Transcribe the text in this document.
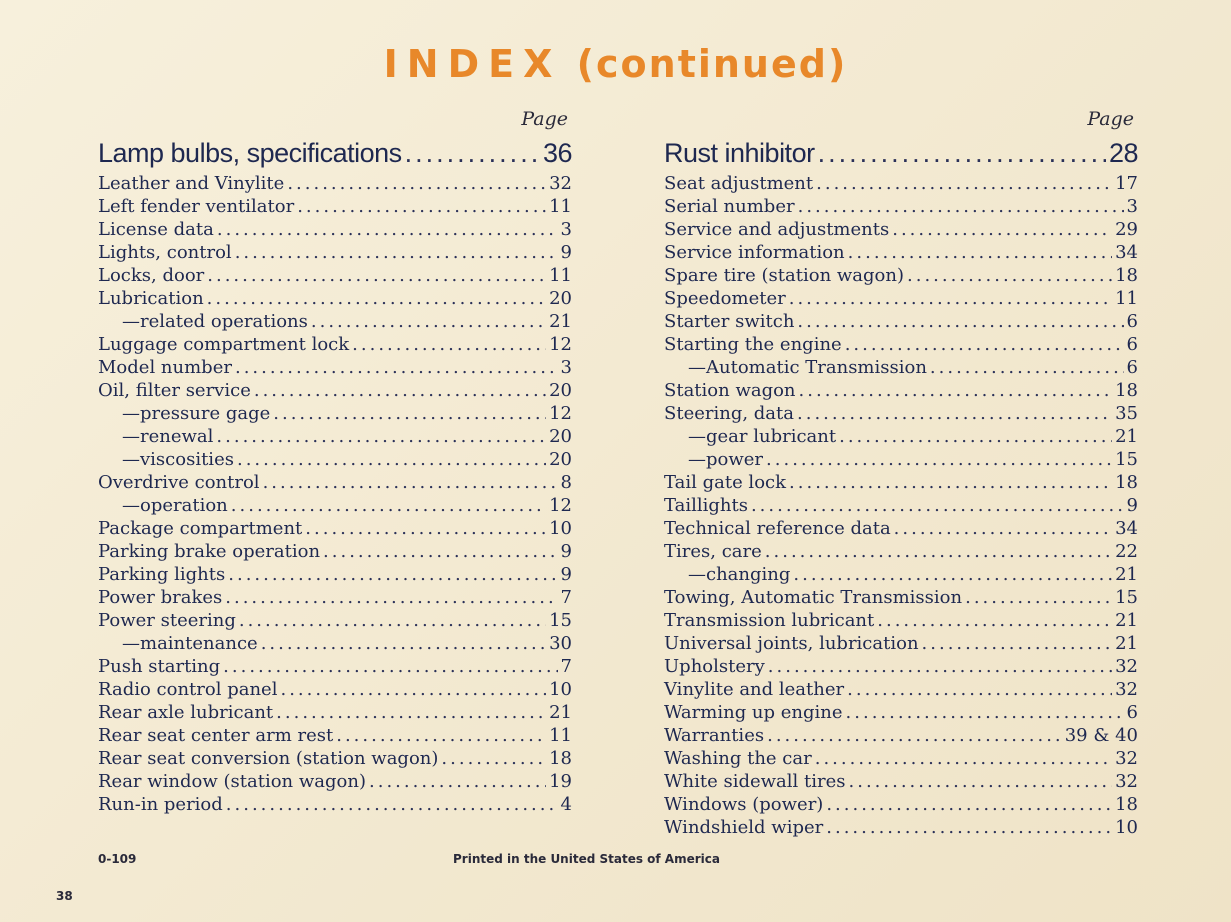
INDEX (continued)
Page
Lamp bulbs, specifications .....	36
Leather and Vinylite .....	32
Left fender ventilator .....	11
License data .....	3
Lights, control .....	9
Locks, door .....	11
Lubrication .....	20
—related operations .....	21
Luggage compartment lock .....	12
Model number .....	3
Oil, filter service .....	20
—pressure gage .....	12
—renewal .....	20
—viscosities .....	20
Overdrive control .....	8
—operation .....	12
Package compartment .....	10
Parking brake operation .....	9
Parking lights .....	9
Power brakes .....	7
Power steering .....	15
—maintenance .....	30
Push starting .....	7
Radio control panel .....	10
Rear axle lubricant .....	21
Rear seat center arm rest .....	11
Rear seat conversion (station wagon) .....	18
Rear window (station wagon) .....	19
Run-in period .....	4
Page
Rust inhibitor .....	28
Seat adjustment .....	17
Serial number .....	3
Service and adjustments .....	29
Service information .....	34
Spare tire (station wagon) .....	18
Speedometer .....	11
Starter switch .....	6
Starting the engine .....	6
—Automatic Transmission .....	6
Station wagon .....	18
Steering, data .....	35
—gear lubricant .....	21
—power .....	15
Tail gate lock .....	18
Taillights .....	9
Technical reference data .....	34
Tires, care .....	22
—changing .....	21
Towing, Automatic Transmission .....	15
Transmission lubricant .....	21
Universal joints, lubrication .....	21
Upholstery .....	32
Vinylite and leather .....	32
Warming up engine .....	6
Warranties .....	39 & 40
Washing the car .....	32
White sidewall tires .....	32
Windows (power) .....	18
Windshield wiper .....	10
0-109	Printed in the United States of America
38
